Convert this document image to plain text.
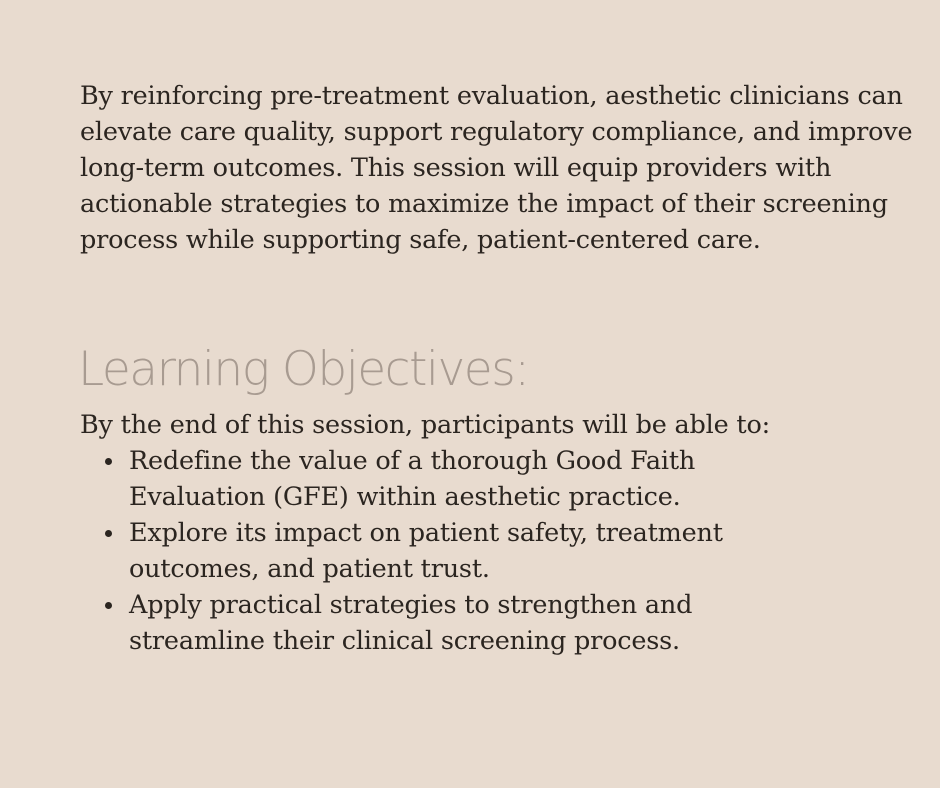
By reinforcing pre-treatment evaluation, aesthetic clinicians can
elevate care quality, support regulatory compliance, and improve
long-term outcomes. This session will equip providers with
actionable strategies to maximize the impact of their screening
process while supporting safe, patient-centered care.

Learning Objectives:

By the end of this session, participants will be able to:

Redefine the value of a thorough Good Faith
Evaluation (GFE) within aesthetic practice.
Explore its impact on patient safety, treatment
outcomes, and patient trust.
Apply practical strategies to strengthen and
streamline their clinical screening process.
